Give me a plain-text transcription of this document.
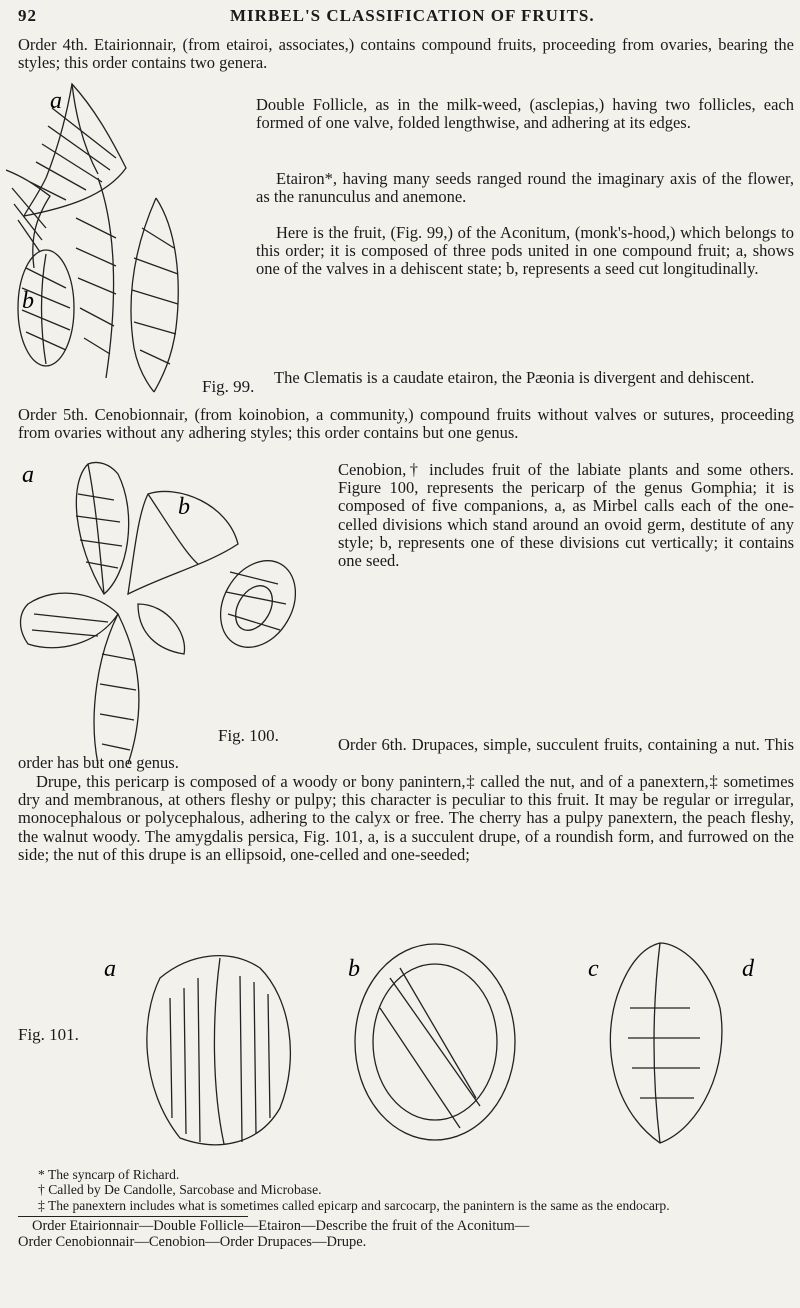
92	MIRBEL'S CLASSIFICATION OF FRUITS.

Order 4th. Etairionnair, (from etairoi, associates,) contains compound fruits, proceeding from ovaries, bearing the styles; this order contains two genera.

a
b
Fig. 99.

Double Follicle, as in the milk-weed, (asclepias,) having two follicles, each formed of one valve, folded lengthwise, and adhering at its edges.

Etairon*, having many seeds ranged round the imaginary axis of the flower, as the ranunculus and anemone.

Here is the fruit, (Fig. 99,) of the Aconitum, (monk's-hood,) which belongs to this order; it is composed of three pods united in one compound fruit; a, shows one of the valves in a dehiscent state; b, represents a seed cut longitudinally.

The Clematis is a caudate etairon, the Pæonia is divergent and dehiscent.

Order 5th. Cenobionnair, (from koinobion, a community,) compound fruits without valves or sutures, proceeding from ovaries without any adhering styles; this order contains but one genus.

a
b
Fig. 100.

Cenobion,† includes fruit of the labiate plants and some others. Figure 100, represents the pericarp of the genus Gomphia; it is composed of five companions, a, as Mirbel calls each of the one-celled divisions which stand around an ovoid germ, destitute of any style; b, represents one of these divisions cut vertically; it contains one seed.

Order 6th. Drupaces, simple, succulent fruits, containing a nut. This order has but one genus.

Drupe, this pericarp is composed of a woody or bony panintern,‡ called the nut, and of a panextern,‡ sometimes dry and membranous, at others fleshy or pulpy; this character is peculiar to this fruit. It may be regular or irregular, monocephalous or polycephalous, adhering to the calyx or free. The cherry has a pulpy panextern, the peach fleshy, the walnut woody. The amygdalis persica, Fig. 101, a, is a succulent drupe, of a roundish form, and furrowed on the side; the nut of this drupe is an ellipsoid, one-celled and one-seeded;

Fig. 101.
a	b	c	d

* The syncarp of Richard.

† Called by De Candolle, Sarcobase and Microbase.

‡ The panextern includes what is sometimes called epicarp and sarcocarp, the panintern is the same as the endocarp.

Order Etairionnair—Double Follicle—Etairon—Describe the fruit of the Aconitum—

Order Cenobionnair—Cenobion—Order Drupaces—Drupe.
